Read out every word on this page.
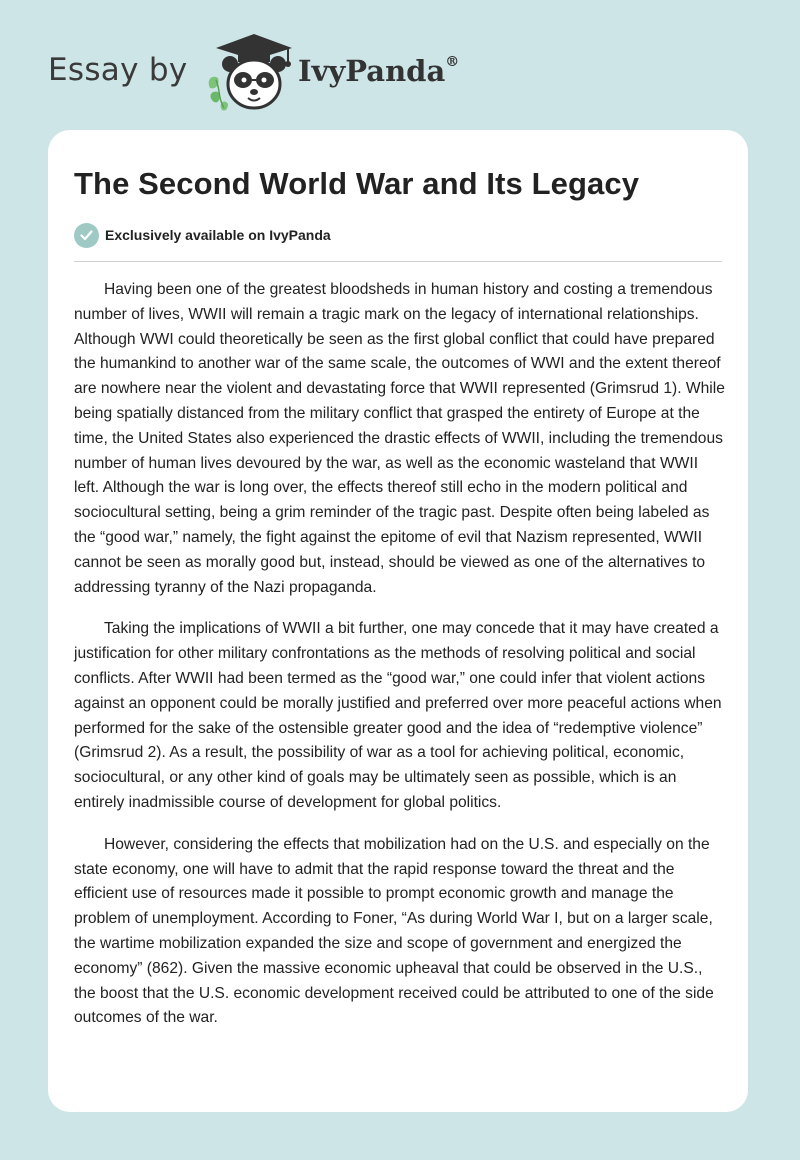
Essay by	IvyPanda®
The Second World War and Its Legacy
Exclusively available on IvyPanda

Having been one of the greatest bloodsheds in human history and costing a tremendous number of lives, WWII will remain a tragic mark on the legacy of international relationships. Although WWI could theoretically be seen as the first global conflict that could have prepared the humankind to another war of the same scale, the outcomes of WWI and the extent thereof are nowhere near the violent and devastating force that WWII represented (Grimsrud 1). While being spatially distanced from the military conflict that grasped the entirety of Europe at the time, the United States also experienced the drastic effects of WWII, including the tremendous number of human lives devoured by the war, as well as the economic wasteland that WWII left. Although the war is long over, the effects thereof still echo in the modern political and sociocultural setting, being a grim reminder of the tragic past. Despite often being labeled as the “good war,” namely, the fight against the epitome of evil that Nazism represented, WWII cannot be seen as morally good but, instead, should be viewed as one of the alternatives to addressing tyranny of the Nazi propaganda.

Taking the implications of WWII a bit further, one may concede that it may have created a justification for other military confrontations as the methods of resolving political and social conflicts. After WWII had been termed as the “good war,” one could infer that violent actions against an opponent could be morally justified and preferred over more peaceful actions when performed for the sake of the ostensible greater good and the idea of “redemptive violence” (Grimsrud 2). As a result, the possibility of war as a tool for achieving political, economic, sociocultural, or any other kind of goals may be ultimately seen as possible, which is an entirely inadmissible course of development for global politics.

However, considering the effects that mobilization had on the U.S. and especially on the state economy, one will have to admit that the rapid response toward the threat and the efficient use of resources made it possible to prompt economic growth and manage the problem of unemployment. According to Foner, “As during World War I, but on a larger scale, the wartime mobilization expanded the size and scope of government and energized the economy” (862). Given the massive economic upheaval that could be observed in the U.S., the boost that the U.S. economic development received could be attributed to one of the side outcomes of the war.
